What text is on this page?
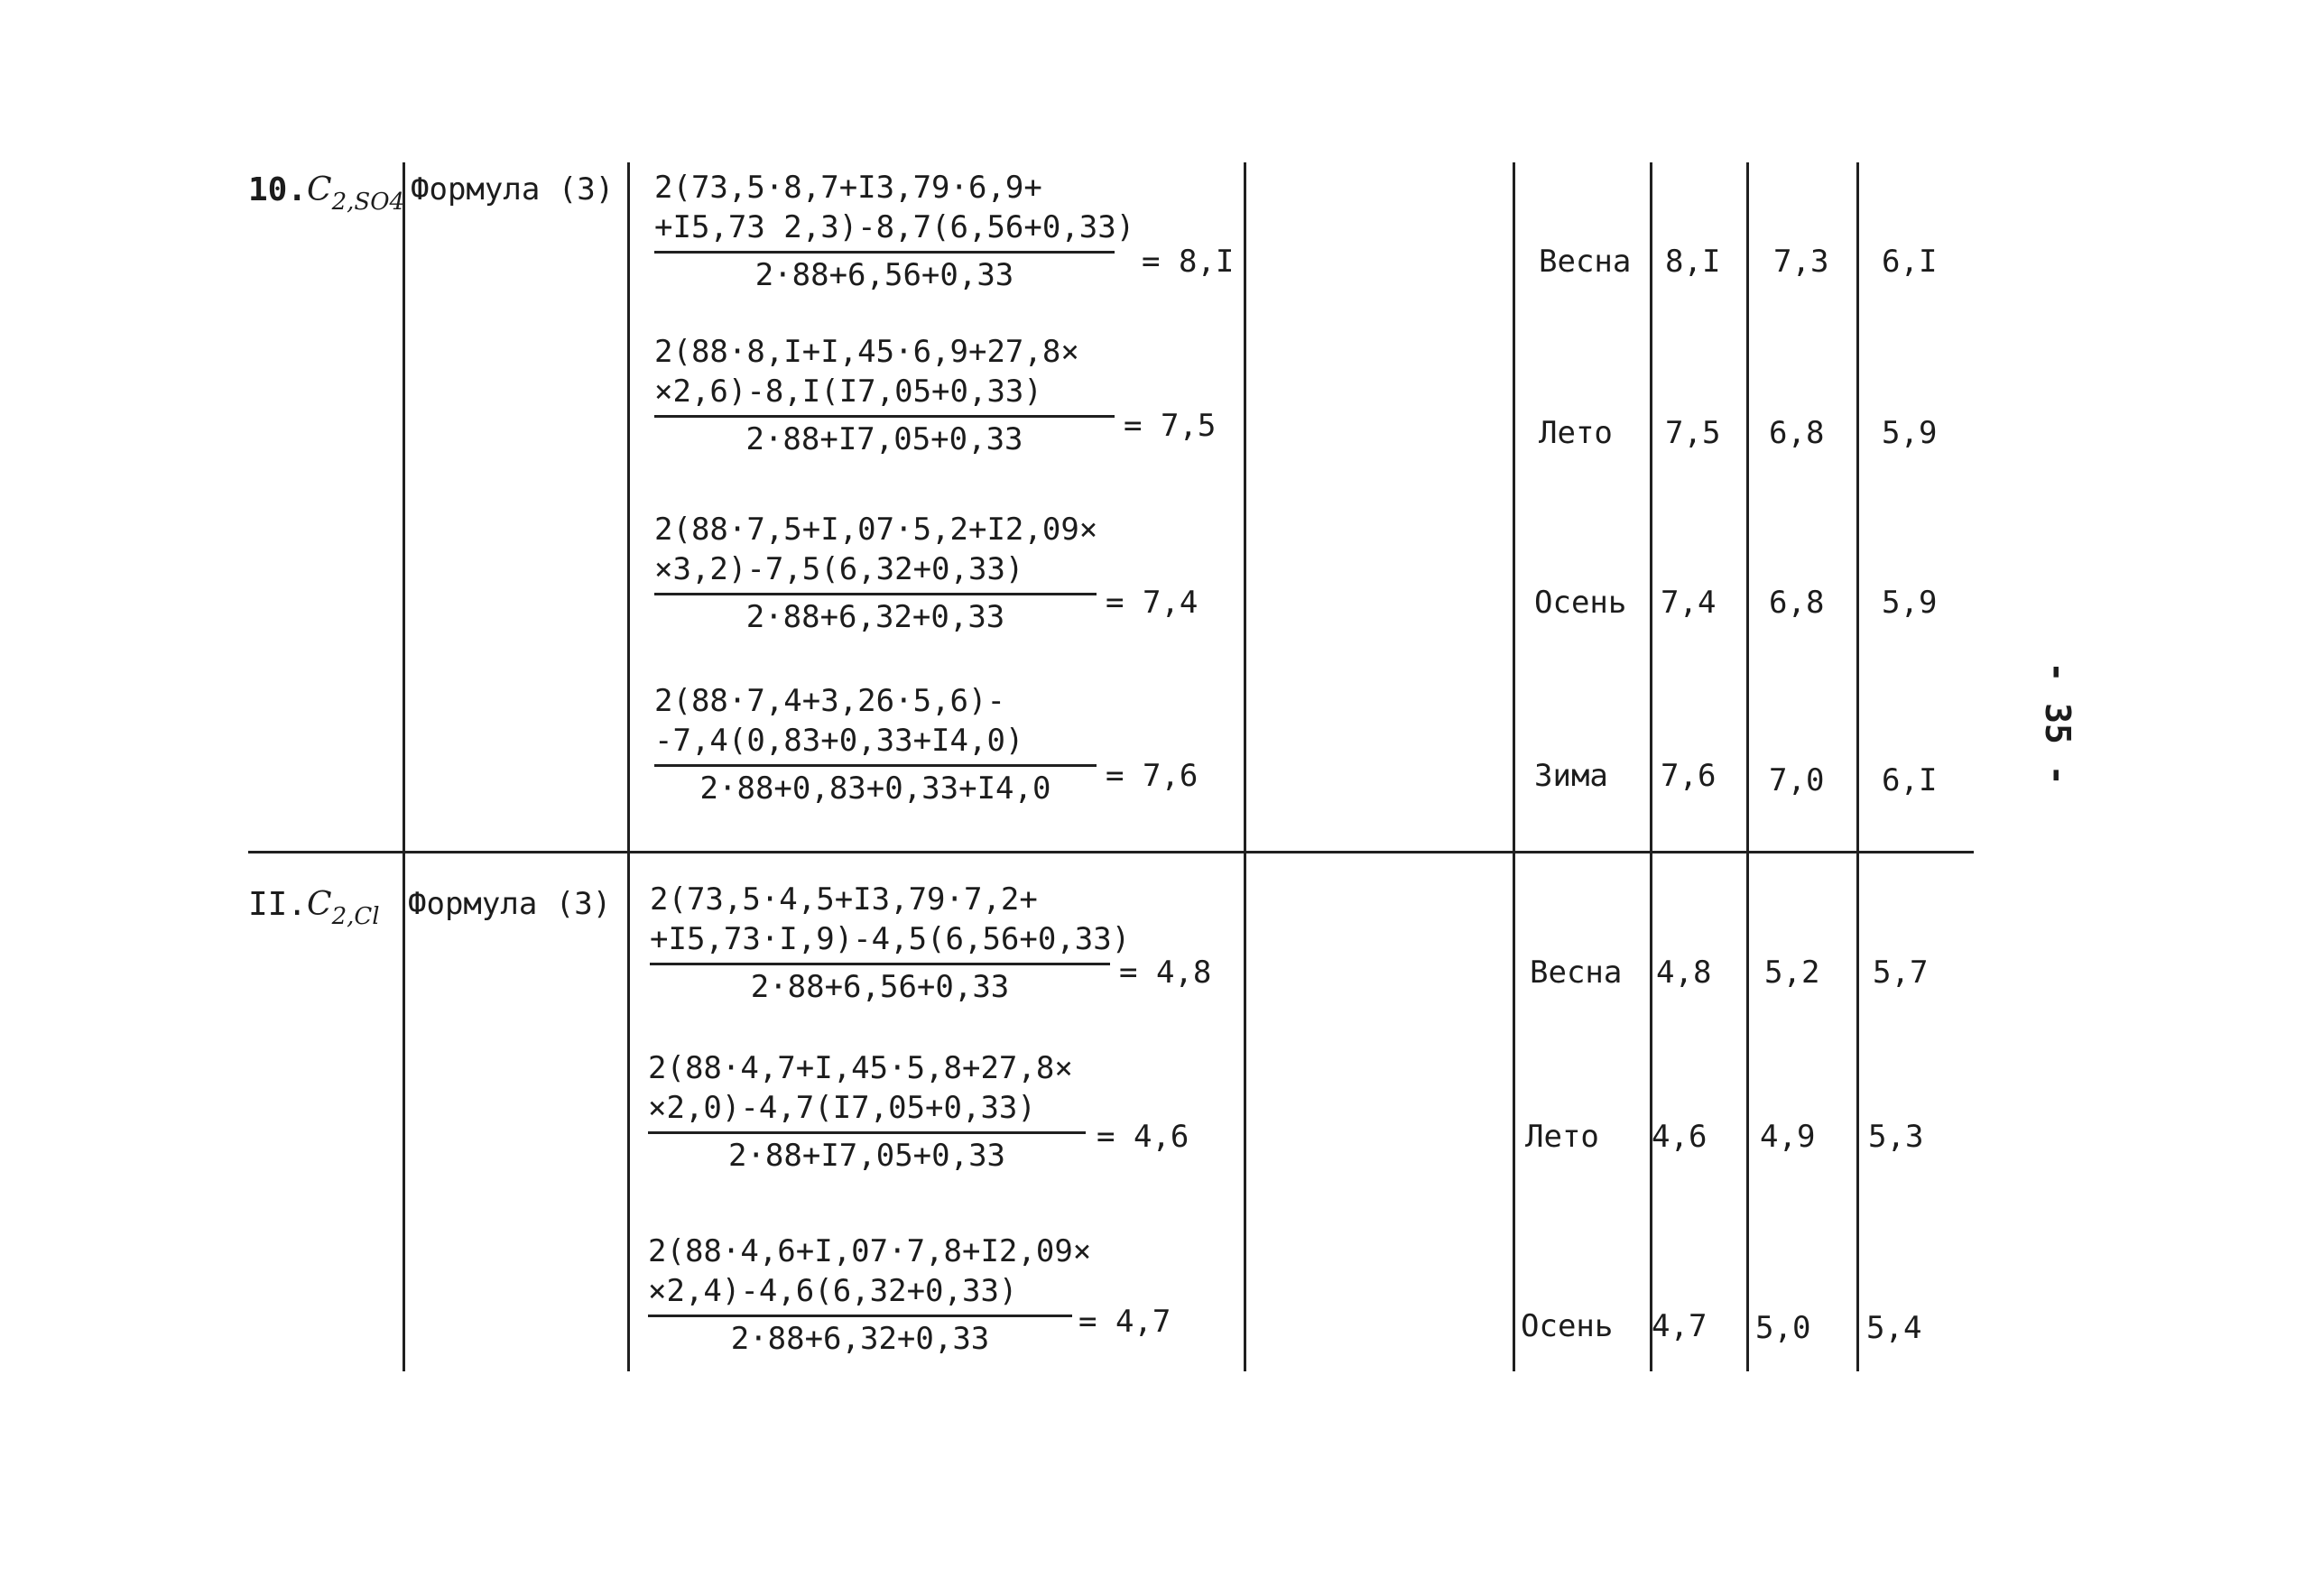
- 35 -
$10.C_{2,SO4}$ Формула (3) 2(73,5·8,7+I3,79·6,9+
+I5,73 2,3)-8,7(6,56+0,33)
2·88+6,56+0,33	= 8,I	Весна 8,I 7,3 6,I
2(88·8,I+I,45·6,9+27,8×
×2,6)-8,I(I7,05+0,33)
2·88+I7,05+0,33	= 7,5	Лето 7,5 6,8 5,9
2(88·7,5+I,07·5,2+I2,09×
×3,2)-7,5(6,32+0,33)
2·88+6,32+0,33	= 7,4	Осень 7,4 6,8 5,9
2(88·7,4+3,26·5,6)-
-7,4(0,83+0,33+I4,0)
2·88+0,83+0,33+I4,0	= 7,6	Зима 7,6 7,0 6,I
$II.C_{2,Cl}$ Формула (3) 2(73,5·4,5+I3,79·7,2+
+I5,73·I,9)-4,5(6,56+0,33)
2·88+6,56+0,33	= 4,8	Весна 4,8 5,2 5,7
2(88·4,7+I,45·5,8+27,8×
×2,0)-4,7(I7,05+0,33)
2·88+I7,05+0,33
= 4,6	Лето 4,6 4,9 5,3
2(88·4,6+I,07·7,8+I2,09×
×2,4)-4,6(6,32+0,33)
2·88+6,32+0,33	= 4,7	Осень 4,7 5,0 5,4
